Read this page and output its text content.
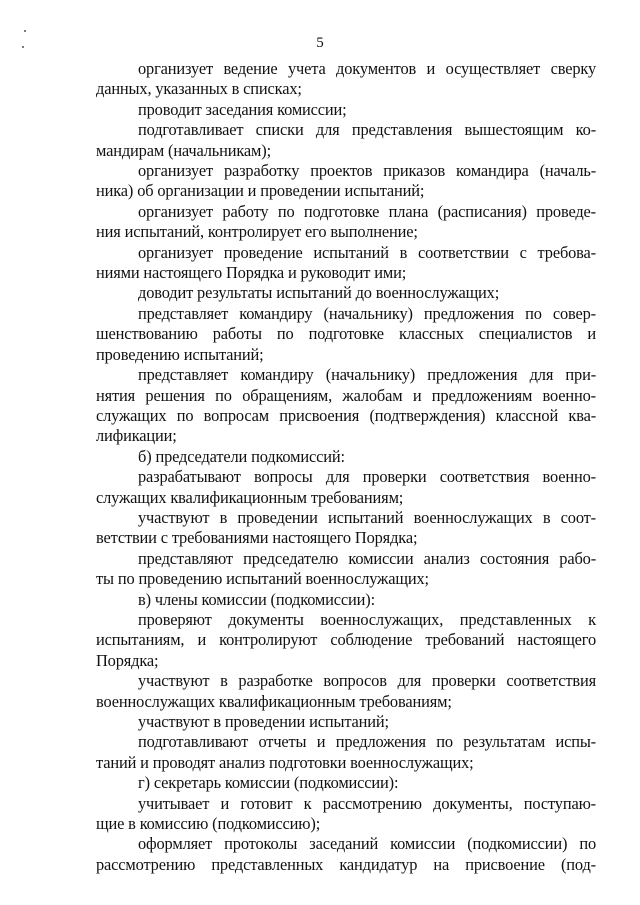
5

организует ведение учета документов и осуществляет сверку
данных, указанных в списках;

проводит заседания комиссии;

подготавливает списки для представления вышестоящим ко-
мандирам (начальникам);

организует разработку проектов приказов командира (началь-
ника) об организации и проведении испытаний;

организует работу по подготовке плана (расписания) проведе-
ния испытаний, контролирует его выполнение;

организует проведение испытаний в соответствии с требова-
ниями настоящего Порядка и руководит ими;

доводит результаты испытаний до военнослужащих;

представляет командиру (начальнику) предложения по совер-
шенствованию работы по подготовке классных специалистов и
проведению испытаний;

представляет командиру (начальнику) предложения для при-
нятия решения по обращениям, жалобам и предложениям военно-
служащих по вопросам присвоения (подтверждения) классной ква-
лификации;

б) председатели подкомиссий:

разрабатывают вопросы для проверки соответствия военно-
служащих квалификационным требованиям;

участвуют в проведении испытаний военнослужащих в соот-
ветствии с требованиями настоящего Порядка;

представляют председателю комиссии анализ состояния рабо-
ты по проведению испытаний военнослужащих;

в) члены комиссии (подкомиссии):

проверяют документы военнослужащих, представленных к
испытаниям, и контролируют соблюдение требований настоящего
Порядка;

участвуют в разработке вопросов для проверки соответствия
военнослужащих квалификационным требованиям;

участвуют в проведении испытаний;

подготавливают отчеты и предложения по результатам испы-
таний и проводят анализ подготовки военнослужащих;

г) секретарь комиссии (подкомиссии):

учитывает и готовит к рассмотрению документы, поступаю-
щие в комиссию (подкомиссию);

оформляет протоколы заседаний комиссии (подкомиссии) по
рассмотрению представленных кандидатур на присвоение (под-
